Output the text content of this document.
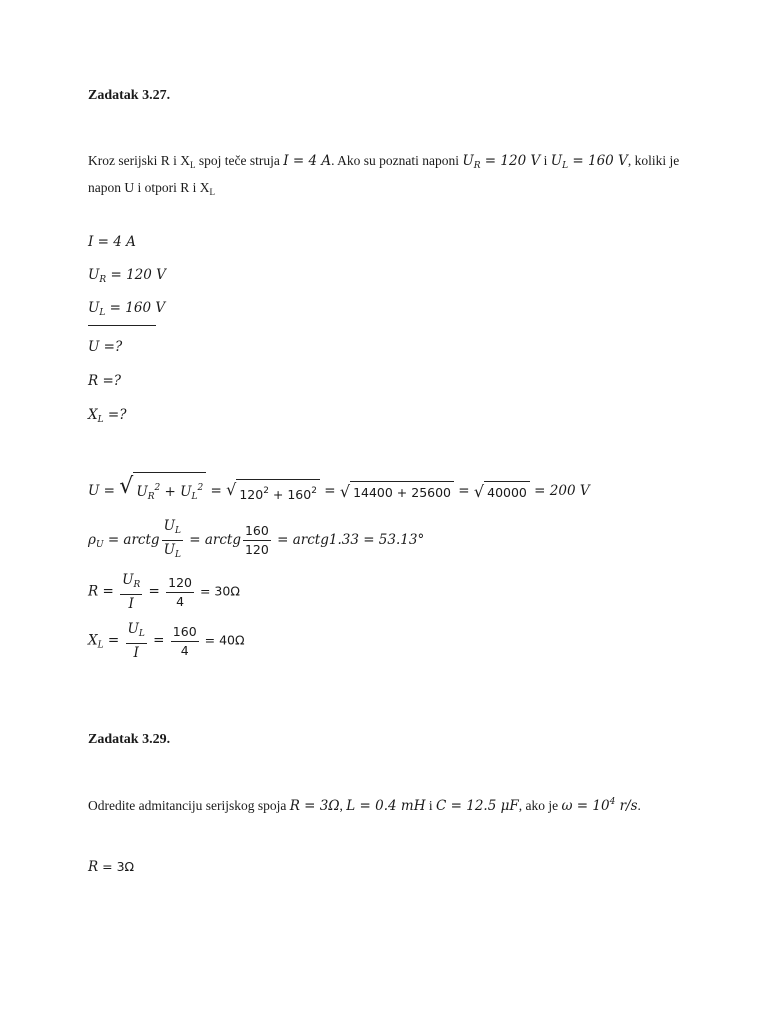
Zadatak 3.27.
Kroz serijski R i $X_L$ spoj teče struja I = 4 A. Ako su poznati naponi $U_R = 120$ V i $U_L = 160$ V, koliki je napon U i otpori R i $X_L$
I = 4 A
$U_R = 120$ V
$U_L = 160$ V
U =?
R =?
$X_L$ =?
U = √ $U_R^2 + U_L^2$ = √ $120^2 + 160^2$ = √ 14400 + 25600 = √ 40000 = 200 V
$\rho_U$ = arctg $\frac{U_L}{U_L}$ = arctg $\frac{160}{120}$ = arctg1.33 = 53.13°
$R = \frac{U_R}{I} = \frac{120}{4} = 30\Omega$
$X_L = \frac{U_L}{I} = \frac{160}{4} = 40\Omega$
Zadatak 3.29.
Odredite admitanciju serijskog spoja R = 3Ω, L = 0.4 mH i C = 12.5 μF, ako je $\omega = 10^4$ r/s.
R = 3Ω
